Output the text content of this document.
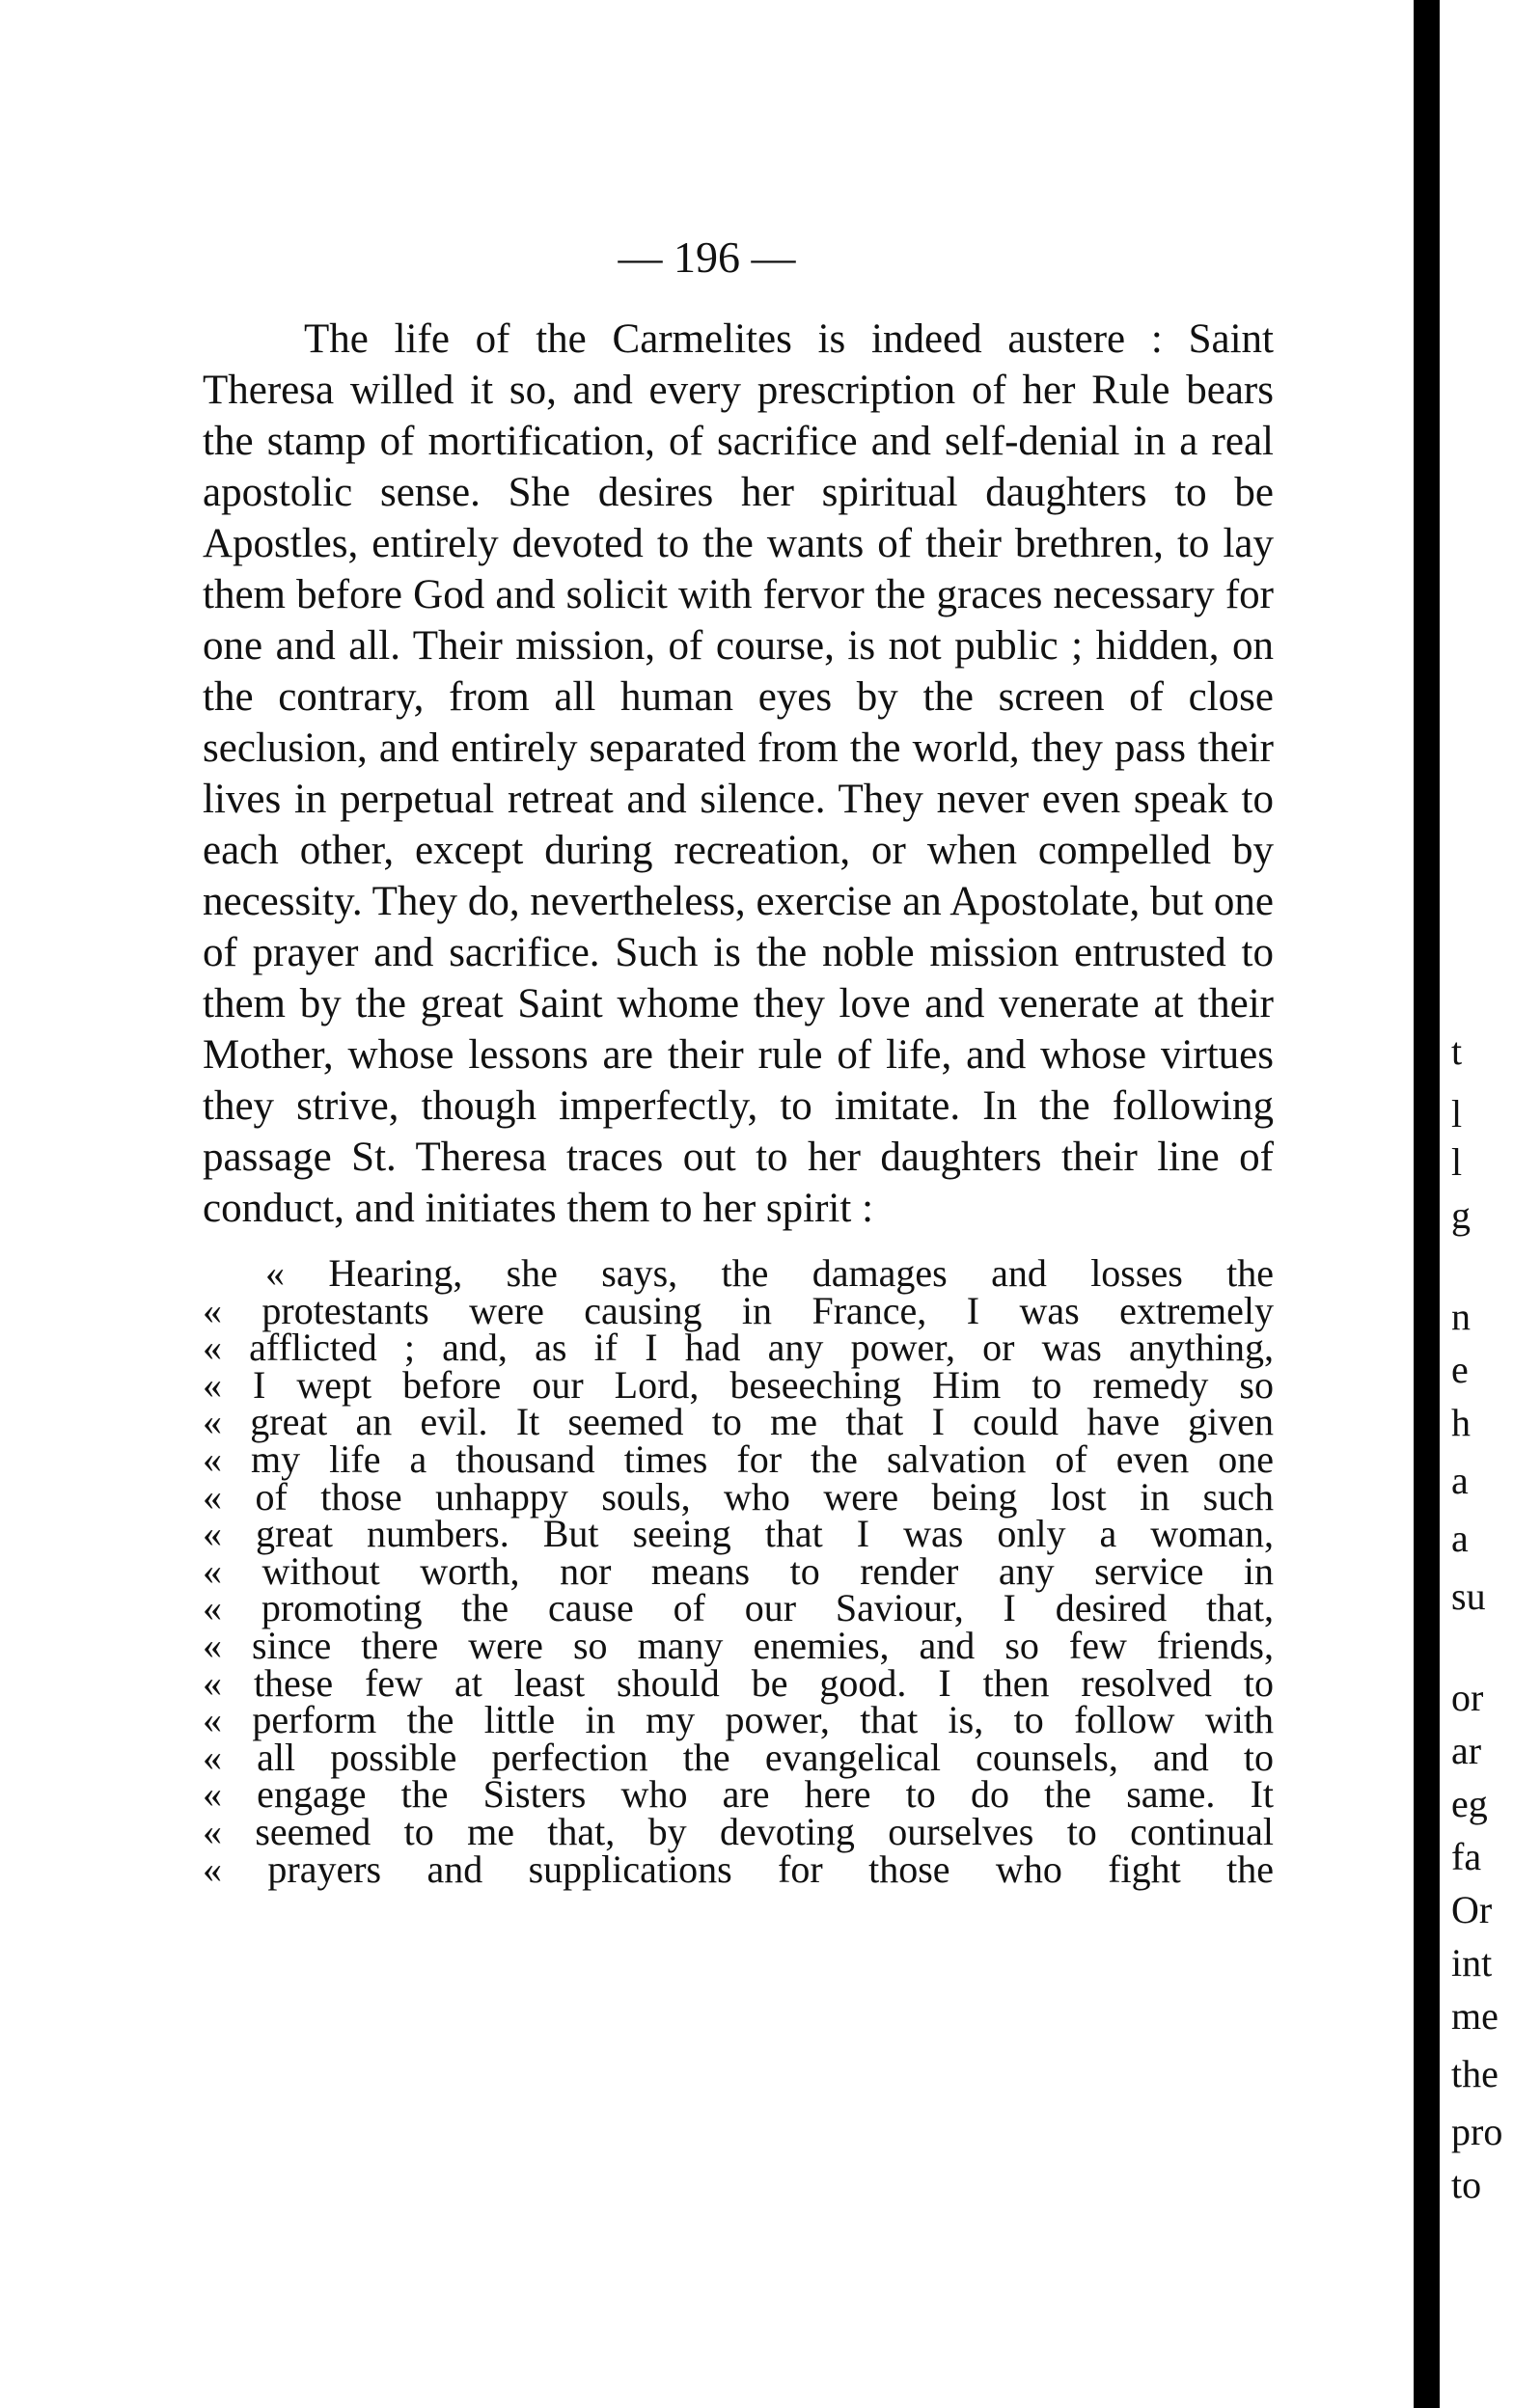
— 196 —

The life of the Carmelites is indeed austere : Saint Theresa willed it so, and every prescription of her Rule bears the stamp of mortification, of sacrifice and self-denial in a real apostolic sense. She desires her spiritual daughters to be Apostles, entirely devoted to the wants of their brethren, to lay them before God and solicit with fervor the graces necessary for one and all. Their mission, of course, is not public ; hidden, on the contrary, from all human eyes by the screen of close seclusion, and entirely separated from the world, they pass their lives in perpetual retreat and silence. They never even speak to each other, except during recreation, or when compelled by necessity. They do, nevertheless, exercise an Apostolate, but one of prayer and sacrifice. Such is the noble mission entrusted to them by the great Saint whome they love and venerate at their Mother, whose lessons are their rule of life, and whose virtues they strive, though imperfectly, to imitate. In the following passage St. Theresa traces out to her daughters their line of conduct, and initiates them to her spirit :

« Hearing, she says, the damages and losses the
« protestants were causing in France, I was extremely
« afflicted ; and, as if I had any power, or was anything,
« I wept before our Lord, beseeching Him to remedy so
« great an evil. It seemed to me that I could have given
« my life a thousand times for the salvation of even one
« of those unhappy souls, who were being lost in such
« great numbers. But seeing that I was only a woman,
« without worth, nor means to render any service in
« promoting the cause of our Saviour, I desired that,
« since there were so many enemies, and so few friends,
« these few at least should be good. I then resolved to
« perform the little in my power, that is, to follow with
« all possible perfection the evangelical counsels, and to
« engage the Sisters who are here to do the same. It
« seemed to me that, by devoting ourselves to continual
« prayers and supplications for those who fight the
t
l
l
g
n
e
h
a
a
su
or
ar
eg
fa
Or
int
me
the
pro
to
